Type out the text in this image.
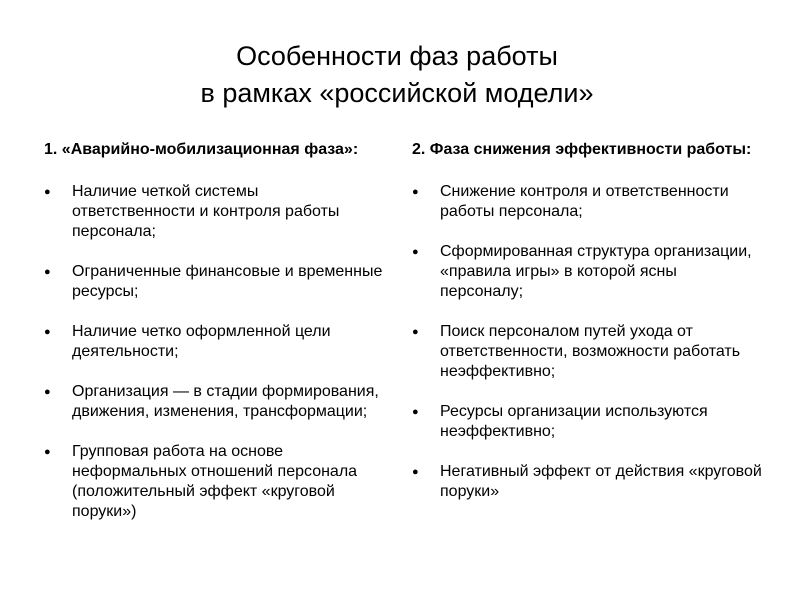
Особенности фаз работы
в рамках «российской модели»
1. «Аварийно-мобилизационная фаза»:
● Наличие четкой системы ответственности и контроля работы персонала;
● Ограниченные финансовые и временные ресурсы;
● Наличие четко оформленной цели деятельности;
● Организация — в стадии формирования, движения, изменения, трансформации;
● Групповая работа на основе неформальных отношений персонала (положительный эффект «круговой поруки»)
2. Фаза снижения эффективности работы:
● Снижение контроля и ответственности работы персонала;
● Сформированная структура организации, «правила игры» в которой ясны персоналу;
● Поиск персоналом путей ухода от ответственности, возможности работать неэффективно;
● Ресурсы организации используются неэффективно;
● Негативный эффект от действия «круговой поруки»
